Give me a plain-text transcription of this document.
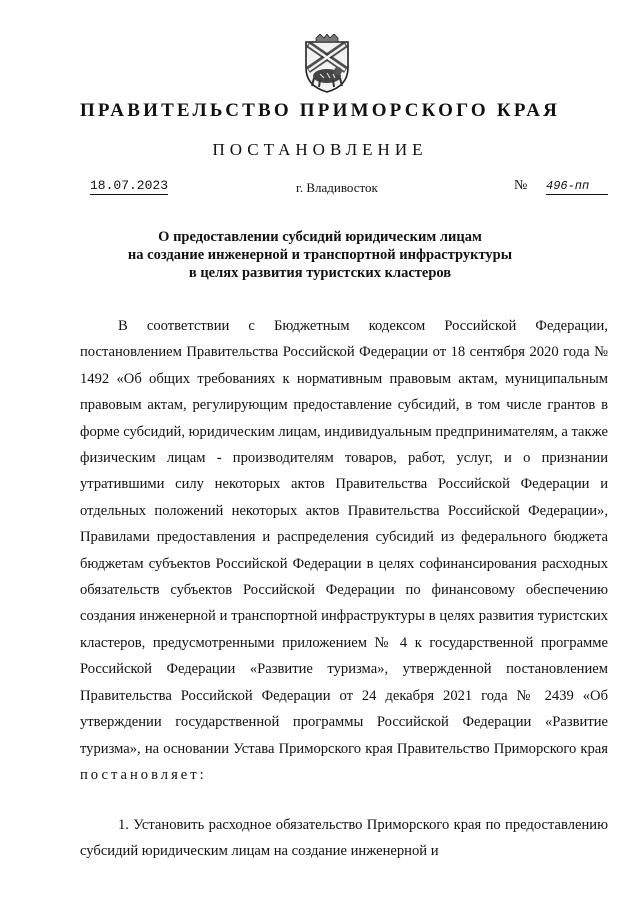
ПРАВИТЕЛЬСТВО ПРИМОРСКОГО КРАЯ
ПОСТАНОВЛЕНИЕ
18.07.2023	г. Владивосток	№ 496-пп
О предоставлении субсидий юридическим лицам
на создание инженерной и транспортной инфраструктуры
в целях развития туристских кластеров

В соответствии с Бюджетным кодексом Российской Федерации, постановлением Правительства Российской Федерации от 18 сентября 2020 года № 1492 «Об общих требованиях к нормативным правовым актам, муниципальным правовым актам, регулирующим предоставление субсидий, в том числе грантов в форме субсидий, юридическим лицам, индивидуальным предпринимателям, а также физическим лицам - производителям товаров, работ, услуг, и о признании утратившими силу некоторых актов Правительства Российской Федерации и отдельных положений некоторых актов Правительства Российской Федерации», Правилами предоставления и распределения субсидий из федерального бюджета бюджетам субъектов Российской Федерации в целях софинансирования расходных обязательств субъектов Российской Федерации по финансовому обеспечению создания инженерной и транспортной инфраструктуры в целях развития туристских кластеров, предусмотренными приложением № 4 к государственной программе Российской Федерации «Развитие туризма», утвержденной постановлением Правительства Российской Федерации от 24 декабря 2021 года № 2439 «Об утверждении государственной программы Российской Федерации «Развитие туризма», на основании Устава Приморского края Правительство Приморского края постановляет:

1. Установить расходное обязательство Приморского края по предоставлению субсидий юридическим лицам на создание инженерной и
